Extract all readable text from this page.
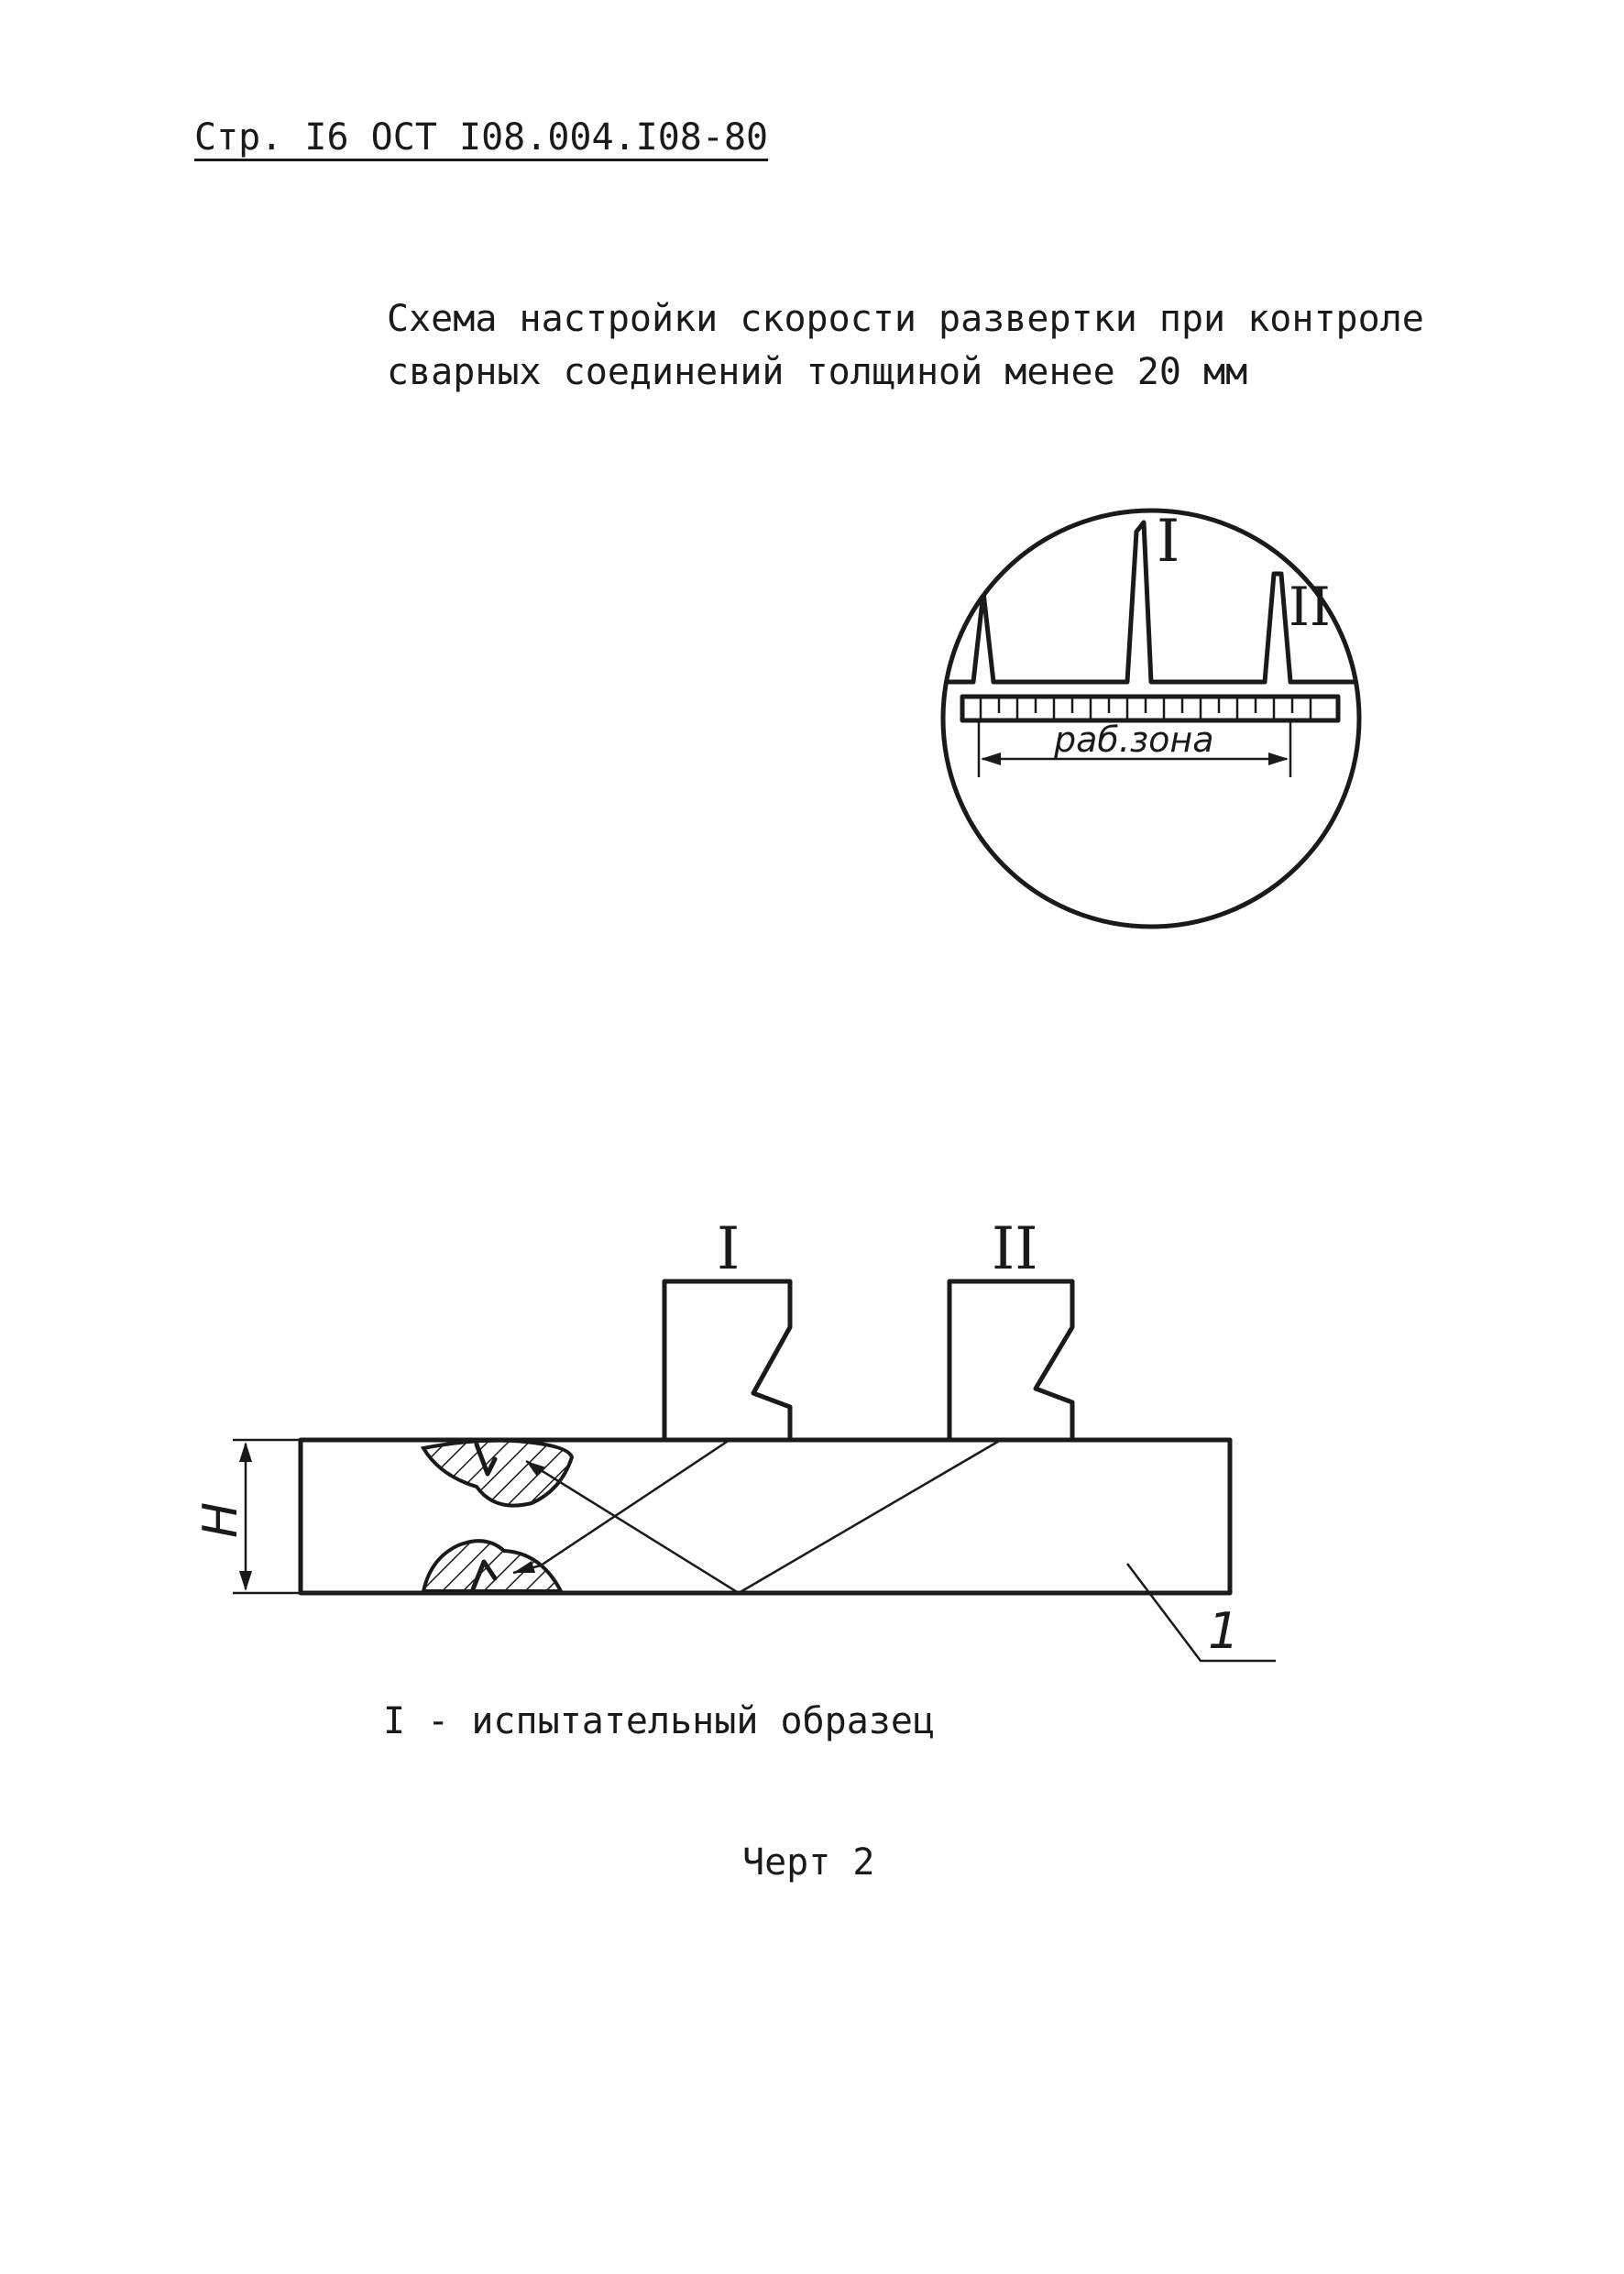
раб.зона
I
II
I	II
H
1
Стр. I6 ОСТ I08.004.I08-80
Схема настройки скорости развертки при контроле
сварных соединений толщиной менее 20 мм
I - испытательный образец
Черт 2
